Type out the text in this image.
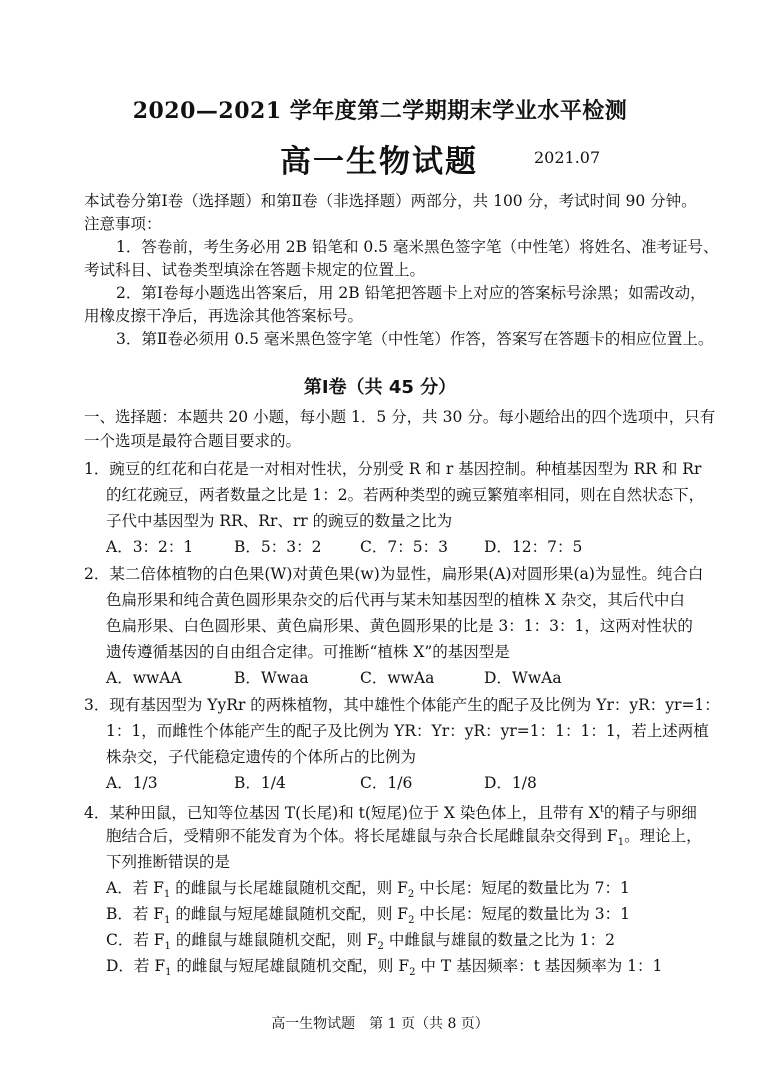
2020—2021 学年度第二学期期末学业水平检测
高一生物试题	2021.07
本试卷分第Ⅰ卷（选择题）和第Ⅱ卷（非选择题）两部分，共 100 分，考试时间 90 分钟。
注意事项：
1．答卷前，考生务必用 2B 铅笔和 0.5 毫米黑色签字笔（中性笔）将姓名、准考证号、
考试科目、试卷类型填涂在答题卡规定的位置上。
2．第Ⅰ卷每小题选出答案后，用 2B 铅笔把答题卡上对应的答案标号涂黑；如需改动，
用橡皮擦干净后，再选涂其他答案标号。
3．第Ⅱ卷必须用 0.5 毫米黑色签字笔（中性笔）作答，答案写在答题卡的相应位置上。
第Ⅰ卷（共 45 分）
一、选择题：本题共 20 小题，每小题 1．5 分，共 30 分。每小题给出的四个选项中，只有
一个选项是最符合题目要求的。
1．豌豆的红花和白花是一对相对性状，分别受 R 和 r 基因控制。种植基因型为 RR 和 Rr
的红花豌豆，两者数量之比是 1：2。若两种类型的豌豆繁殖率相同，则在自然状态下，
子代中基因型为 RR、Rr、rr 的豌豆的数量之比为
A．3：2：1	B．5：3：2 C．7：5：3 D．12：7：5
2．某二倍体植物的白色果(W)对黄色果(w)为显性，扁形果(A)对圆形果(a)为显性。纯合白
色扁形果和纯合黄色圆形果杂交的后代再与某未知基因型的植株 X 杂交，其后代中白
色扁形果、白色圆形果、黄色扁形果、黄色圆形果的比是 3：1：3：1，这两对性状的
遗传遵循基因的自由组合定律。可推断“植株 X”的基因型是
A．wwAA	B．Wwaa	C．wwAa	D．WwAa
3．现有基因型为 YyRr 的两株植物，其中雄性个体能产生的配子及比例为 Yr：yR：yr=1：
1：1，而雌性个体能产生的配子及比例为 YR：Yr：yR：yr=1：1：1：1，若上述两植
株杂交，子代能稳定遗传的个体所占的比例为
A．1/3	B．1/4	C．1/6	D．1/8
4．某种田鼠，已知等位基因 T(长尾)和 t(短尾)位于 X 染色体上，且带有 $X^t$的精子与卵细
胞结合后，受精卵不能发育为个体。将长尾雄鼠与杂合长尾雌鼠杂交得到 $F_1$。理论上，
下列推断错误的是
A．若 $F_1$ 的雌鼠与长尾雄鼠随机交配，则 $F_2$ 中长尾：短尾的数量比为 7：1
B．若 $F_1$ 的雌鼠与短尾雄鼠随机交配，则 $F_2$ 中长尾：短尾的数量比为 3：1
C．若 $F_1$ 的雌鼠与雄鼠随机交配，则 $F_2$ 中雌鼠与雄鼠的数量之比为 1：2
D．若 $F_1$ 的雌鼠与短尾雄鼠随机交配，则 $F_2$ 中 T 基因频率：t 基因频率为 1：1
高一生物试题　第 1 页（共 8 页）
